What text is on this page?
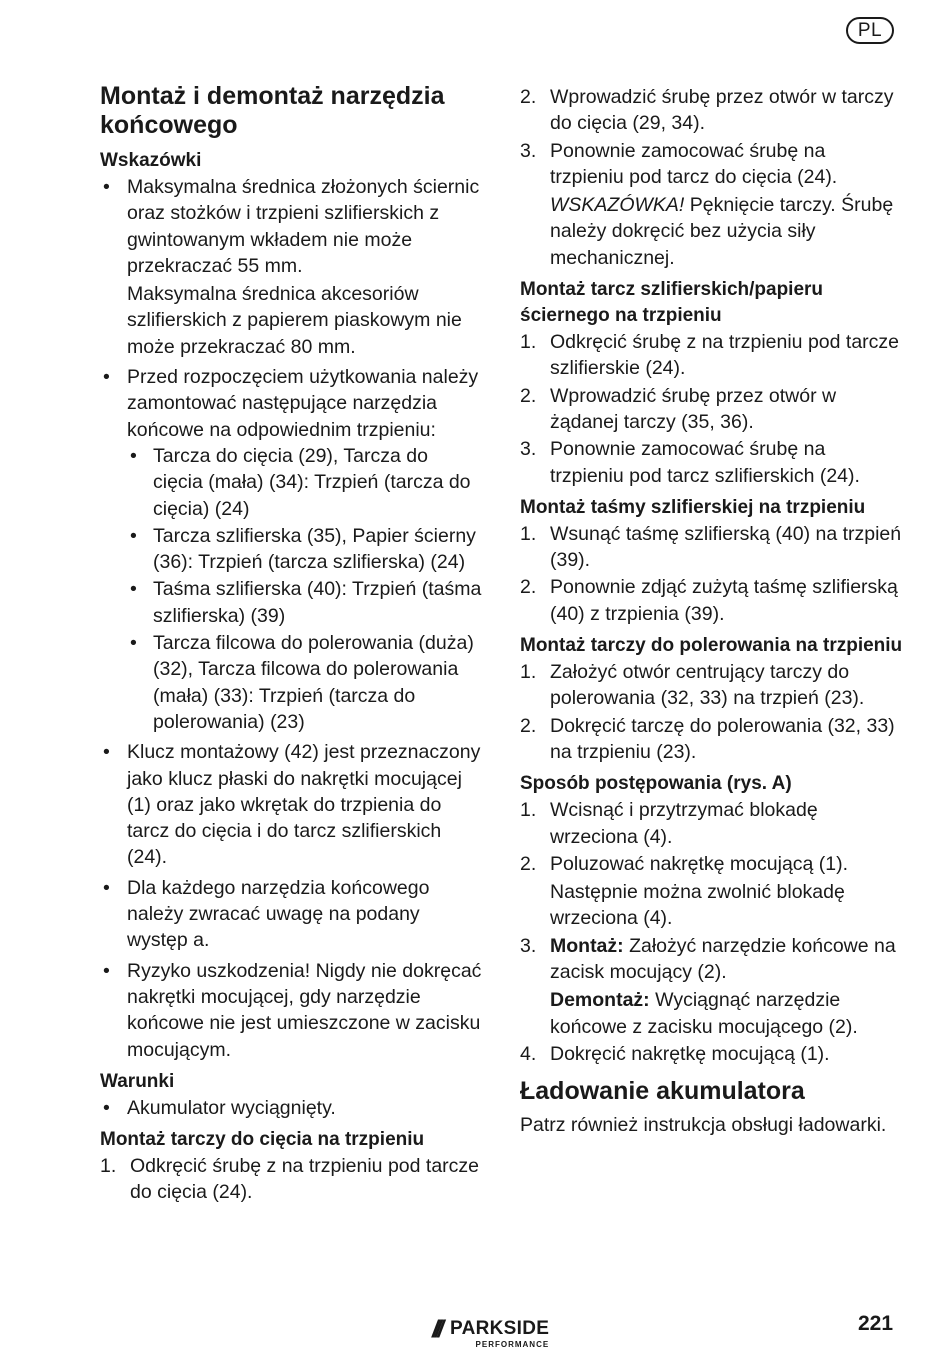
PL
Montaż i demontaż narzędzia końcowego
Wskazówki
• Maksymalna średnica złożonych ściernic oraz stożków i trzpieni szlifierskich z gwintowanym wkładem nie może przekraczać 55 mm.
Maksymalna średnica akcesoriów szlifierskich z papierem piaskowym nie może przekraczać 80 mm.
• Przed rozpoczęciem użytkowania należy zamontować następujące narzędzia końcowe na odpowiednim trzpieniu:
• Tarcza do cięcia (29), Tarcza do cięcia (mała) (34): Trzpień (tarcza do cięcia) (24)
• Tarcza szlifierska (35), Papier ścierny (36): Trzpień (tarcza szlifierska) (24)
• Taśma szlifierska (40): Trzpień (taśma szlifierska) (39)
• Tarcza filcowa do polerowania (duża) (32), Tarcza filcowa do polerowania (mała) (33): Trzpień (tarcza do polerowania) (23)
• Klucz montażowy (42) jest przeznaczony jako klucz płaski do nakrętki mocującej (1) oraz jako wkrętak do trzpienia do tarcz do cięcia i do tarcz szlifierskich (24).
• Dla każdego narzędzia końcowego należy zwracać uwagę na podany występ a.
• Ryzyko uszkodzenia! Nigdy nie dokręcać nakrętki mocującej, gdy narzędzie końcowe nie jest umieszczone w zacisku mocującym.
Warunki
• Akumulator wyciągnięty.
Montaż tarczy do cięcia na trzpieniu
1. Odkręcić śrubę z na trzpieniu pod tarcze do cięcia (24).
2. Wprowadzić śrubę przez otwór w tarczy do cięcia (29, 34).
3. Ponownie zamocować śrubę na trzpieniu pod tarcz do cięcia (24).
WSKAZÓWKA! Pęknięcie tarczy. Śrubę należy dokręcić bez użycia siły mechanicznej.
Montaż tarcz szlifierskich/papieru ściernego na trzpieniu
1. Odkręcić śrubę z na trzpieniu pod tarcze szlifierskie (24).
2. Wprowadzić śrubę przez otwór w żądanej tarczy (35, 36).
3. Ponownie zamocować śrubę na trzpieniu pod tarcz szlifierskich (24).
Montaż taśmy szlifierskiej na trzpieniu
1. Wsunąć taśmę szlifierską (40) na trzpień (39).
2. Ponownie zdjąć zużytą taśmę szlifierską (40) z trzpienia (39).
Montaż tarczy do polerowania na trzpieniu
1. Założyć otwór centrujący tarczy do polerowania (32, 33) na trzpień (23).
2. Dokręcić tarczę do polerowania (32, 33) na trzpieniu (23).
Sposób postępowania (rys. A)
1. Wcisnąć i przytrzymać blokadę wrzeciona (4).
2. Poluzować nakrętkę mocującą (1).
Następnie można zwolnić blokadę wrzeciona (4).
3. Montaż: Założyć narzędzie końcowe na zacisk mocujący (2).
Demontaż: Wyciągnąć narzędzie końcowe z zacisku mocującego (2).
4. Dokręcić nakrętkę mocującą (1).
Ładowanie akumulatora
Patrz również instrukcja obsługi ładowarki.
/// PARKSIDE
PERFORMANCE
221
